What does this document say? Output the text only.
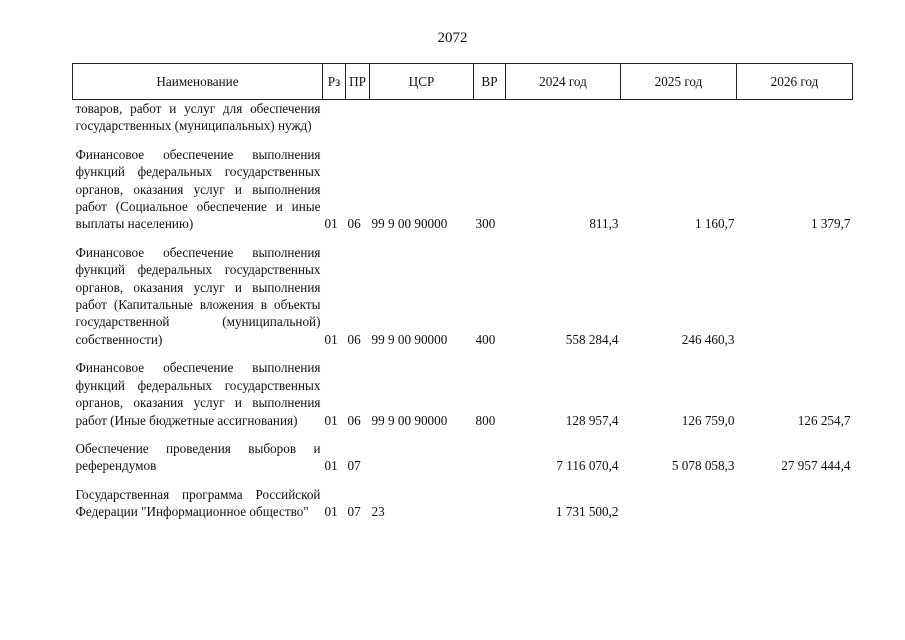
2072
Наименование	Рз	ПР	ЦСР	ВР	2024 год	2025 год	2026 год
товаров, работ и услуг для обеспечения государственных (муниципальных) нужд)							

Финансовое обеспечение выполнения функций федеральных государственных органов, оказания услуг и выполнения работ (Социальное обеспечение и иные выплаты населению)	01	06	99 9 00 90000	300	811,3	1 160,7	1 379,7

Финансовое обеспечение выполнения функций федеральных государственных органов, оказания услуг и выполнения работ (Капитальные вложения в объекты государственной (муниципальной) собственности)	01	06	99 9 00 90000	400	558 284,4	246 460,3	

Финансовое обеспечение выполнения функций федеральных государственных органов, оказания услуг и выполнения работ (Иные бюджетные ассигнования)	01	06	99 9 00 90000	800	128 957,4	126 759,0	126 254,7

Обеспечение проведения выборов и референдумов	01	07			7 116 070,4	5 078 058,3	27 957 444,4

Государственная программа Российской Федерации "Информационное общество"	01	07	23		1 731 500,2		
